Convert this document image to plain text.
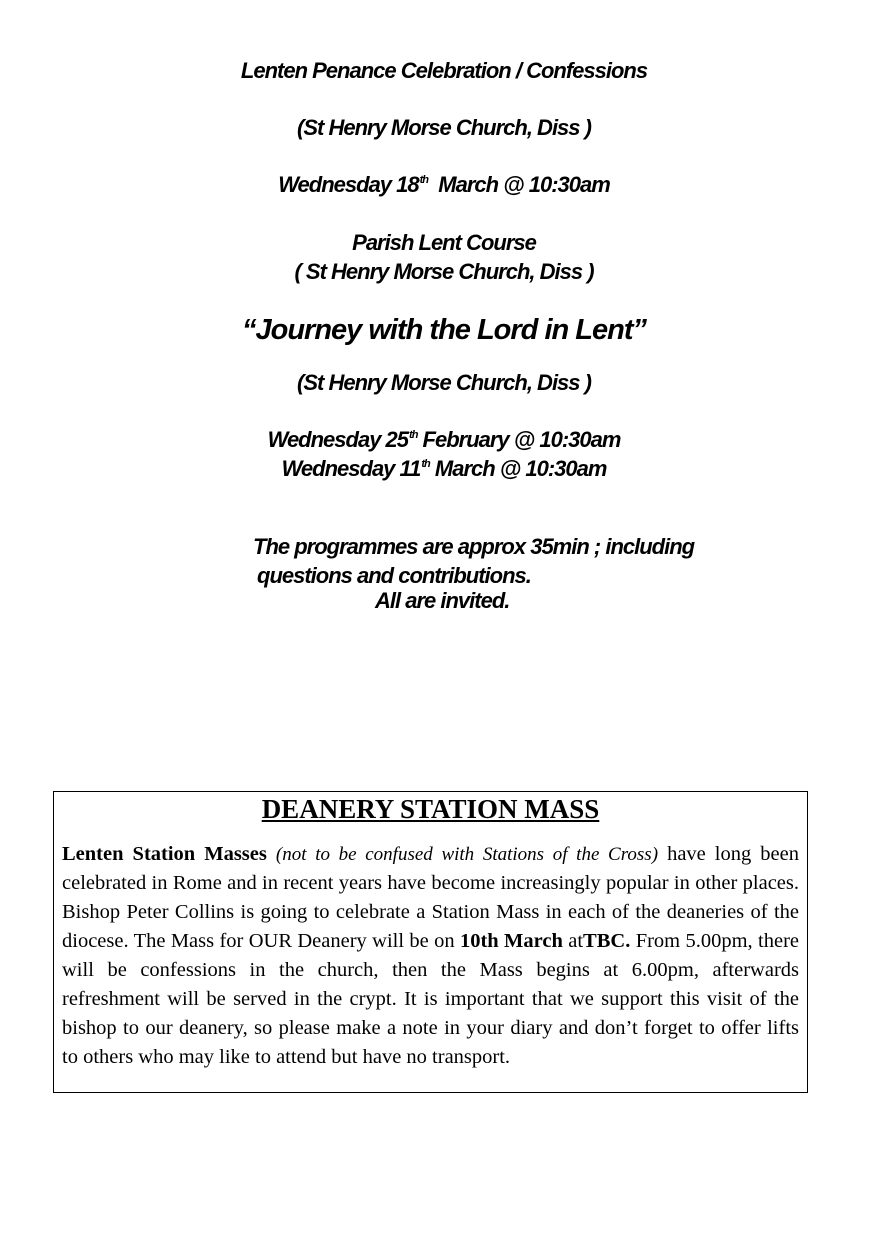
Lenten Penance Celebration / Confessions
(St Henry Morse Church, Diss )
Wednesday 18th  March @ 10:30am
Parish Lent Course
( St Henry Morse Church, Diss )
“Journey with the Lord in Lent”
(St Henry Morse Church, Diss )
Wednesday 25th February @ 10:30am
Wednesday 11th March @ 10:30am
The programmes are approx 35min ; including
questions and contributions.
All are invited.
DEANERY STATION MASS

Lenten Station Masses (not to be confused with Stations of the Cross) have long been celebrated in Rome and in recent years have become increasingly popular in other places. Bishop Peter Collins is going to celebrate a Station Mass in each of the deaneries of the diocese. The Mass for OUR Deanery will be on 10th March atTBC. From 5.00pm, there will be confessions in the church, then the Mass begins at 6.00pm, afterwards refreshment will be served in the crypt. It is important that we support this visit of the bishop to our deanery, so please make a note in your diary and don’t forget to offer lifts to others who may like to attend but have no transport.
